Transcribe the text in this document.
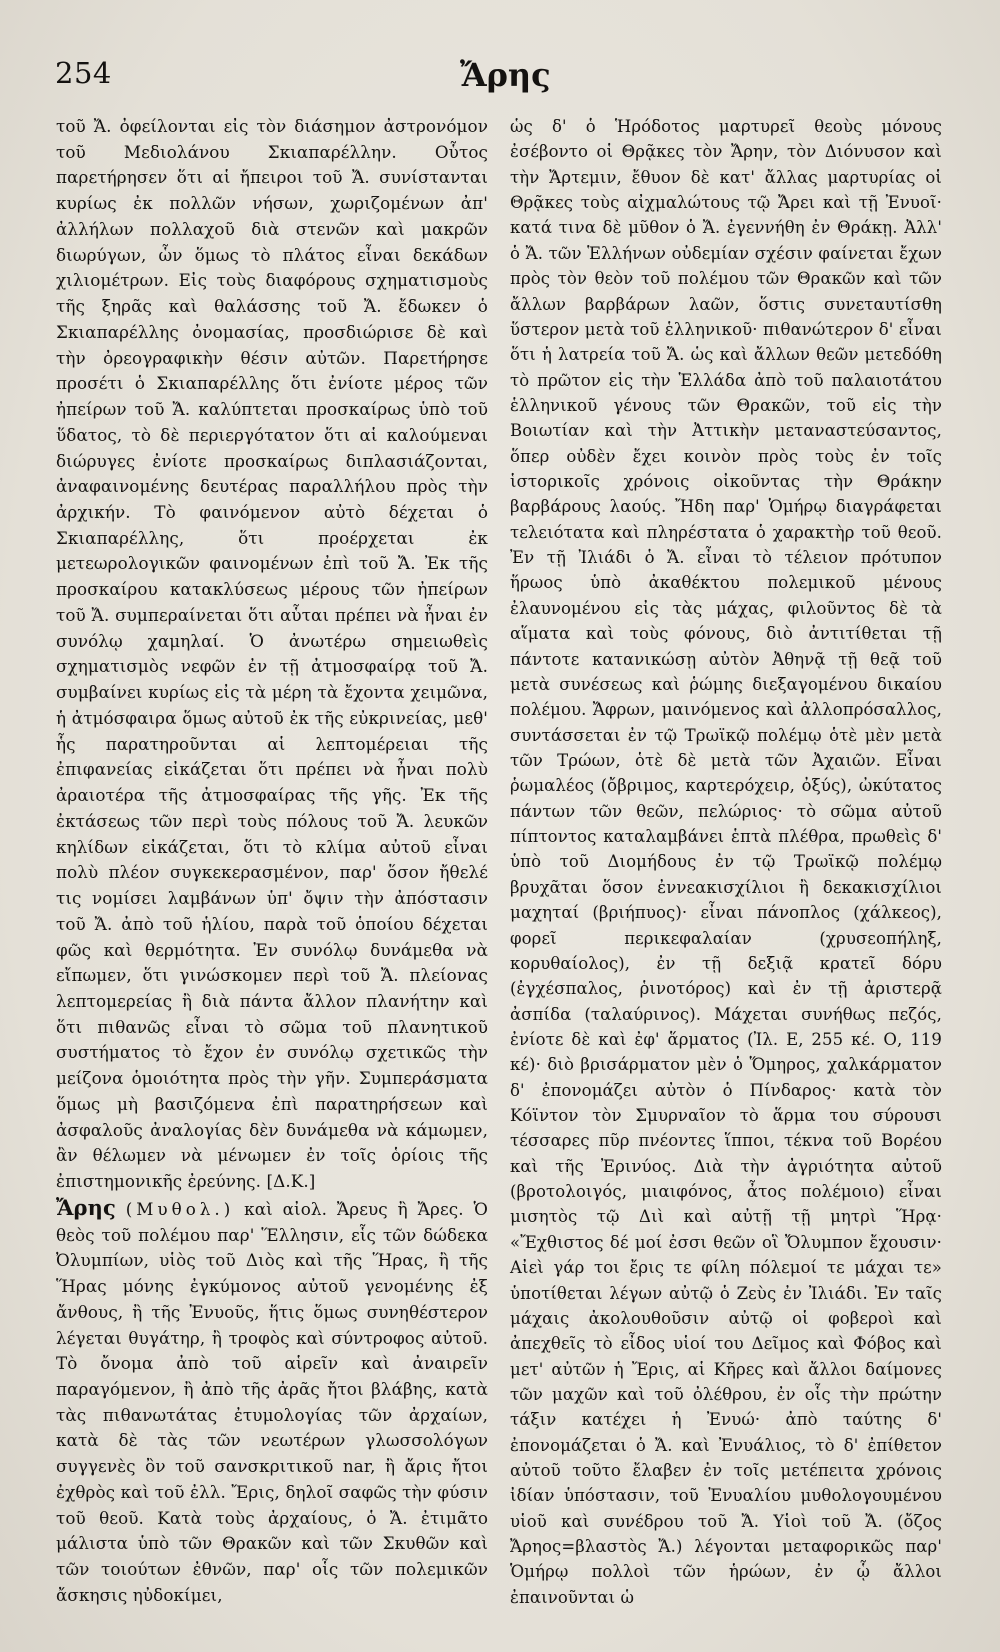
254	Ἄρης

τοῦ Ἄ. ὀφείλονται εἰς τὸν διάσημον ἀστρονόμον τοῦ Μεδιολάνου Σκιαπαρέλλην. Οὗτος παρετήρησεν ὅτι αἱ ἤπειροι τοῦ Ἄ. συνίστανται κυρίως ἐκ πολλῶν νήσων, χωριζομένων ἀπ' ἀλλήλων πολλαχοῦ διὰ στενῶν καὶ μακρῶν διωρύγων, ὧν ὅμως τὸ πλάτος εἶναι δεκάδων χιλιομέτρων. Εἰς τοὺς διαφόρους σχηματισμοὺς τῆς ξηρᾶς καὶ θαλάσσης τοῦ Ἄ. ἔδωκεν ὁ Σκιαπαρέλλης ὀνομασίας, προσδιώρισε δὲ καὶ τὴν ὀρεογραφικὴν θέσιν αὐτῶν. Παρετήρησε προσέτι ὁ Σκιαπαρέλλης ὅτι ἐνίοτε μέρος τῶν ἠπείρων τοῦ Ἄ. καλύπτεται προσκαίρως ὑπὸ τοῦ ὕδατος, τὸ δὲ περιεργότατον ὅτι αἱ καλούμεναι διώρυγες ἐνίοτε προσκαίρως διπλασιάζονται, ἀναφαινομένης δευτέρας παραλλήλου πρὸς τὴν ἀρχικήν. Τὸ φαινόμενον αὐτὸ δέχεται ὁ Σκιαπαρέλλης, ὅτι προέρχεται ἐκ μετεωρολογικῶν φαινομένων ἐπὶ τοῦ Ἄ. Ἐκ τῆς προσκαίρου κατακλύσεως μέρους τῶν ἠπείρων τοῦ Ἄ. συμπεραίνεται ὅτι αὗται πρέπει νὰ ἦναι ἐν συνόλῳ χαμηλαί. Ὁ ἀνωτέρω σημειωθεὶς σχηματισμὸς νεφῶν ἐν τῇ ἀτμοσφαίρᾳ τοῦ Ἄ. συμβαίνει κυρίως εἰς τὰ μέρη τὰ ἔχοντα χειμῶνα, ἡ ἀτμόσφαιρα ὅμως αὐτοῦ ἐκ τῆς εὐκρινείας, μεθ' ἧς παρατηροῦνται αἱ λεπτομέρειαι τῆς ἐπιφανείας εἰκάζεται ὅτι πρέπει νὰ ἦναι πολὺ ἀραιοτέρα τῆς ἀτμοσφαίρας τῆς γῆς. Ἐκ τῆς ἐκτάσεως τῶν περὶ τοὺς πόλους τοῦ Ἄ. λευκῶν κηλίδων εἰκάζεται, ὅτι τὸ κλίμα αὐτοῦ εἶναι πολὺ πλέον συγκεκερασμένον, παρ' ὅσον ἤθελέ τις νομίσει λαμβάνων ὑπ' ὄψιν τὴν ἀπόστασιν τοῦ Ἄ. ἀπὸ τοῦ ἡλίου, παρὰ τοῦ ὁποίου δέχεται φῶς καὶ θερμότητα. Ἐν συνόλῳ δυνάμεθα νὰ εἴπωμεν, ὅτι γινώσκομεν περὶ τοῦ Ἄ. πλείονας λεπτομερείας ἢ διὰ πάντα ἄλλον πλανήτην καὶ ὅτι πιθανῶς εἶναι τὸ σῶμα τοῦ πλανητικοῦ συστήματος τὸ ἔχον ἐν συνόλῳ σχετικῶς τὴν μείζονα ὁμοιότητα πρὸς τὴν γῆν. Συμπεράσματα ὅμως μὴ βασιζόμενα ἐπὶ παρατηρήσεων καὶ ἀσφαλοῦς ἀναλογίας δὲν δυνάμεθα νὰ κάμωμεν, ἂν θέλωμεν νὰ μένωμεν ἐν τοῖς ὁρίοις τῆς ἐπιστημονικῆς ἐρεύνης. [Δ.Κ.]

Ἄρης (Μυθολ.) καὶ αἰολ. Ἄρευς ἢ Ἄρες. Ὁ θεὸς τοῦ πολέμου παρ' Ἕλλησιν, εἷς τῶν δώδεκα Ὀλυμπίων, υἱὸς τοῦ Διὸς καὶ τῆς Ἥρας, ἢ τῆς Ἥρας μόνης ἐγκύμονος αὐτοῦ γενομένης ἐξ ἄνθους, ἢ τῆς Ἐνυοῦς, ἥτις ὅμως συνηθέστερον λέγεται θυγάτηρ, ἢ τροφὸς καὶ σύντροφος αὐτοῦ. Τὸ ὄνομα ἀπὸ τοῦ αἱρεῖν καὶ ἀναιρεῖν παραγόμενον, ἢ ἀπὸ τῆς ἀρᾶς ἤτοι βλάβης, κατὰ τὰς πιθανωτάτας ἐτυμολογίας τῶν ἀρχαίων, κατὰ δὲ τὰς τῶν νεωτέρων γλωσσολόγων συγγενὲς ὂν τοῦ σανσκριτικοῦ nar, ἢ ἄρις ἤτοι ἐχθρὸς καὶ τοῦ ἐλλ. Ἔρις, δηλοῖ σαφῶς τὴν φύσιν τοῦ θεοῦ. Κατὰ τοὺς ἀρχαίους, ὁ Ἄ. ἐτιμᾶτο μάλιστα ὑπὸ τῶν Θρακῶν καὶ τῶν Σκυθῶν καὶ τῶν τοιούτων ἐθνῶν, παρ' οἷς τῶν πολεμικῶν ἄσκησις ηὐδοκίμει,

ὡς δ' ὁ Ἡρόδοτος μαρτυρεῖ θεοὺς μόνους ἐσέβοντο οἱ Θρᾷκες τὸν Ἄρην, τὸν Διόνυσον καὶ τὴν Ἄρτεμιν, ἔθυον δὲ κατ' ἄλλας μαρτυρίας οἱ Θρᾷκες τοὺς αἰχμαλώτους τῷ Ἄρει καὶ τῇ Ἐνυοῖ· κατά τινα δὲ μῦθον ὁ Ἄ. ἐγεννήθη ἐν Θράκῃ. Ἀλλ' ὁ Ἄ. τῶν Ἑλλήνων οὐδεμίαν σχέσιν φαίνεται ἔχων πρὸς τὸν θεὸν τοῦ πολέμου τῶν Θρακῶν καὶ τῶν ἄλλων βαρβάρων λαῶν, ὅστις συνεταυτίσθη ὕστερον μετὰ τοῦ ἑλληνικοῦ· πιθανώτερον δ' εἶναι ὅτι ἡ λατρεία τοῦ Ἄ. ὡς καὶ ἄλλων θεῶν μετεδόθη τὸ πρῶτον εἰς τὴν Ἑλλάδα ἀπὸ τοῦ παλαιοτάτου ἑλληνικοῦ γένους τῶν Θρακῶν, τοῦ εἰς τὴν Βοιωτίαν καὶ τὴν Ἀττικὴν μεταναστεύσαντος, ὅπερ οὐδὲν ἔχει κοινὸν πρὸς τοὺς ἐν τοῖς ἱστορικοῖς χρόνοις οἰκοῦντας τὴν Θράκην βαρβάρους λαούς. Ἤδη παρ' Ὁμήρῳ διαγράφεται τελειότατα καὶ πληρέστατα ὁ χαρακτὴρ τοῦ θεοῦ. Ἐν τῇ Ἰλιάδι ὁ Ἄ. εἶναι τὸ τέλειον πρότυπον ἥρωος ὑπὸ ἀκαθέκτου πολεμικοῦ μένους ἐλαυνομένου εἰς τὰς μάχας, φιλοῦντος δὲ τὰ αἵματα καὶ τοὺς φόνους, διὸ ἀντιτίθεται τῇ πάντοτε κατανικώσῃ αὐτὸν Ἀθηνᾷ τῇ θεᾷ τοῦ μετὰ συνέσεως καὶ ῥώμης διεξαγομένου δικαίου πολέμου. Ἄφρων, μαινόμενος καὶ ἀλλοπρόσαλλος, συντάσσεται ἐν τῷ Τρωϊκῷ πολέμῳ ὁτὲ μὲν μετὰ τῶν Τρώων, ὁτὲ δὲ μετὰ τῶν Ἀχαιῶν. Εἶναι ῥωμαλέος (ὄβριμος, καρτερόχειρ, ὀξύς), ὠκύτατος πάντων τῶν θεῶν, πελώριος· τὸ σῶμα αὐτοῦ πίπτοντος καταλαμβάνει ἑπτὰ πλέθρα, πρωθεὶς δ' ὑπὸ τοῦ Διομήδους ἐν τῷ Τρωϊκῷ πολέμῳ βρυχᾶται ὅσον ἐννεακισχίλιοι ἢ δεκακισχίλιοι μαχηταί (βριήπυος)· εἶναι πάνοπλος (χάλκεος), φορεῖ περικεφαλαίαν (χρυσεοπήληξ, κορυθαίολος), ἐν τῇ δεξιᾷ κρατεῖ δόρυ (ἐγχέσπαλος, ῥινοτόρος) καὶ ἐν τῇ ἀριστερᾷ ἀσπίδα (ταλαύρινος). Μάχεται συνήθως πεζός, ἐνίοτε δὲ καὶ ἐφ' ἅρματος (Ἰλ. Ε, 255 κέ. Ο, 119 κέ)· διὸ βρισάρματον μὲν ὁ Ὅμηρος, χαλκάρματον δ' ἐπονομάζει αὐτὸν ὁ Πίνδαρος· κατὰ τὸν Κόϊντον τὸν Σμυρναῖον τὸ ἅρμα του σύρουσι τέσσαρες πῦρ πνέοντες ἵπποι, τέκνα τοῦ Βορέου καὶ τῆς Ἐρινύος. Διὰ τὴν ἀγριότητα αὐτοῦ (βροτολοιγός, μιαιφόνος, ἆτος πολέμοιο) εἶναι μισητὸς τῷ Διὶ καὶ αὐτῇ τῇ μητρὶ Ἥρᾳ· «Ἔχθιστος δέ μοί ἐσσι θεῶν οἳ Ὄλυμπον ἔχουσιν· Αἰεὶ γάρ τοι ἔρις τε φίλη πόλεμοί τε μάχαι τε» ὑποτίθεται λέγων αὐτῷ ὁ Ζεὺς ἐν Ἰλιάδι. Ἐν ταῖς μάχαις ἀκολουθοῦσιν αὐτῷ οἱ φοβεροὶ καὶ ἀπεχθεῖς τὸ εἶδος υἱοί του Δεῖμος καὶ Φόβος καὶ μετ' αὐτῶν ἡ Ἔρις, αἱ Κῆρες καὶ ἄλλοι δαίμονες τῶν μαχῶν καὶ τοῦ ὀλέθρου, ἐν οἷς τὴν πρώτην τάξιν κατέχει ἡ Ἐνυώ· ἀπὸ ταύτης δ' ἐπονομάζεται ὁ Ἄ. καὶ Ἐνυάλιος, τὸ δ' ἐπίθετον αὐτοῦ τοῦτο ἔλαβεν ἐν τοῖς μετέπειτα χρόνοις ἰδίαν ὑπόστασιν, τοῦ Ἐνυαλίου μυθολογουμένου υἱοῦ καὶ συνέδρου τοῦ Ἄ. Υἱοὶ τοῦ Ἄ. (ὄζος Ἄρηος=βλαστὸς Ἄ.) λέγονται μεταφορικῶς παρ' Ὁμήρῳ πολλοὶ τῶν ἡρώων, ἐν ᾧ ἄλλοι ἐπαινοῦνται ὡ
